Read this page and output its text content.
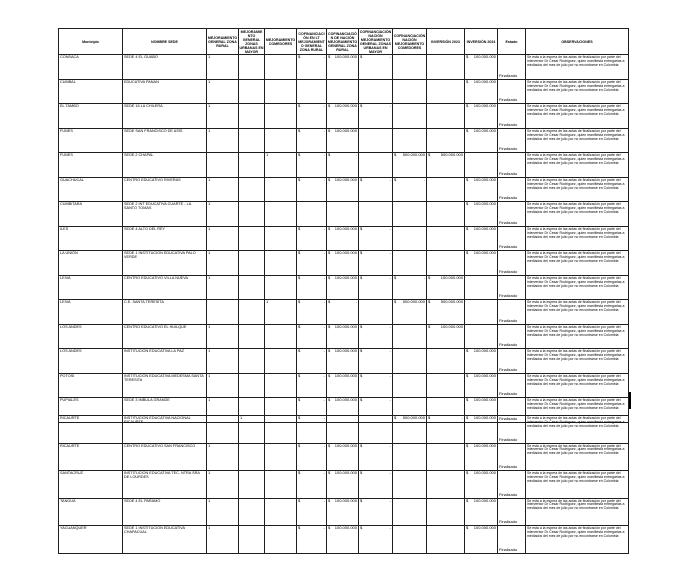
Municipio	NOMBRE SEDE	MEJORAMIENTO GENERAL ZONA RURAL	MEJORAMIENTO GENERAL ZONAS URBANAS EN MAYOR	MEJORAMIENTO COMEDORES	COFINANCIACIÓN EN LT MEJORAMIENTO GENERAL ZONA RURAL	COFINANCIACIÓN DE NACIÓN MEJORAMIENTO GENERAL ZONA RURAL	COFINANCIACIÓN NACIÓN MEJORAMIENTO GENERAL ZONAS URBANAS EN MAYOR	COFINANCIACIÓN NACIÓN MEJORAMIENTO COMEDORES	INVERSIÓN 2023	INVERSIÓN 2024	Estado	OBSERVACIONES
CONSACA	SEDE 4 EL GUABO	1			$ -	$ 100.000.000	$ -			$ 100.000.000	Finalizado	Se esta a la espera de las actas de finalización por parte del interventor Dr Cesar Rodríguez, quien manifiesta entregarlas a mediados del mes de julio por no encontrarse en Colombia
CUMBAL	EDUCATIVA PANAN	1								$ 100.000.000	Finalizado	Se esta a la espera de las actas de finalización por parte del interventor Dr Cesar Rodríguez, quien manifiesta entregarlas a mediados del mes de julio por no encontrarse en Colombia
EL TAMBO	SEDE 16 LA CHILERA	1			$ -	$ 100.000.000	$ -			$ 100.000.000	Finalizado	Se esta a la espera de las actas de finalización por parte del interventor Dr Cesar Rodríguez, quien manifiesta entregarlas a mediados del mes de julio por no encontrarse en Colombia
FUNES	SEDE SAN FRANCISCO DE ASIS	1			$ -	$ 100.000.000				$ 100.000.000	Finalizado	Se esta a la espera de las actas de finalización por parte del interventor Dr Cesar Rodríguez, quien manifiesta entregarlas a mediados del mes de julio por no encontrarse en Colombia
FUNES	SEDE 2 CHAPAL			1	$ -	$ -		$ 500.000.000	$ 500.000.000		Finalizado	Se esta a la espera de las actas de finalización por parte del interventor Dr Cesar Rodríguez, quien manifiesta entregarlas a mediados del mes de julio por no encontrarse en Colombia
GUACHUCAL	CENTRO EDUCATIVO RIVERAS	1			$ -	$ 100.000.000	$ -	$ -		$ 100.000.000	Finalizado	Se esta a la espera de las actas de finalización por parte del interventor Dr Cesar Rodríguez, quien manifiesta entregarlas a mediados del mes de julio por no encontrarse en Colombia
CUMBITARA	SEDE 2 INT EDUCATIVA CUARTE - LA SANTO TOMAS	1								$ 100.000.000	Finalizado	Se esta a la espera de las actas de finalización por parte del interventor Dr Cesar Rodríguez, quien manifiesta entregarlas a mediados del mes de julio por no encontrarse en Colombia
ILES	SEDE 4 ALTO DEL REY	1			$ -	$ 100.000.000	$ -			$ 100.000.000	Finalizado	Se esta a la espera de las actas de finalización por parte del interventor Dr Cesar Rodríguez, quien manifiesta entregarlas a mediados del mes de julio por no encontrarse en Colombia
LA UNIÓN	SEDE 1 INSTITUCION EDUCATIVA PALO VERDE	1			$ -	$ 100.000.000	$ -			$ 100.000.000	Finalizado	Se esta a la espera de las actas de finalización por parte del interventor Dr Cesar Rodríguez, quien manifiesta entregarlas a mediados del mes de julio por no encontrarse en Colombia
LEIVA	CENTRO EDUCATIVO VILLA NUEVA	1			$ -	$ 100.000.000	$ -	$ -	$ 100.000.000		Finalizado	Se esta a la espera de las actas de finalización por parte del interventor Dr Cesar Rodríguez, quien manifiesta entregarlas a mediados del mes de julio por no encontrarse en Colombia
LEIVA	C.E. SANTA TERESITA			1	$ -	$ -		$ 500.000.000	$ 500.000.000		Finalizado	Se esta a la espera de las actas de finalización por parte del interventor Dr Cesar Rodríguez, quien manifiesta entregarlas a mediados del mes de julio por no encontrarse en Colombia
LOS ANDES	CENTRO EDUCATIVO EL HUILQUE	1			$ -	$ 100.000.000	$ -		$ 100.000.000		Finalizado	Se esta a la espera de las actas de finalización por parte del interventor Dr Cesar Rodríguez, quien manifiesta entregarlas a mediados del mes de julio por no encontrarse en Colombia
LOS ANDES	INSTITUCION EDUCATIVA LA PAZ	1			$ -	$ 100.000.000	$ -			$ 100.000.000	Finalizado	Se esta a la espera de las actas de finalización por parte del interventor Dr Cesar Rodríguez, quien manifiesta entregarlas a mediados del mes de julio por no encontrarse en Colombia
POTOSI	INSTITUCION EDUCATIVA MEDESMA SANTA TERESITA	1			$ -	$ 100.000.000	$ -			$ 100.000.000	Finalizado	Se esta a la espera de las actas de finalización por parte del interventor Dr Cesar Rodríguez, quien manifiesta entregarlas a mediados del mes de julio por no encontrarse en Colombia
PUPIALES	SEDE 3 IMBULA GRANDE	1			$ -	$ 100.000.000	$ -			$ 100.000.000	Finalizado	Se esta a la espera de las actas de finalización por parte del interventor Dr Cesar Rodríguez, quien manifiesta entregarlas a mediados del mes de julio por no encontrarse en Colombia
RICAURTE	INSTITUCION EDUCATIVA NACIONAL RICAURTE		1		$ -			$ 500.000.000	$ -	$ 100.000.000	Finalizado	Se esta a la espera de las actas de finalización por parte del interventor Dr Cesar Rodríguez, quien manifiesta entregarlas a mediados del mes de julio por no encontrarse en Colombia
RICAURTE	CENTRO EDUCATIVO SAN FRANCISCO	1			$ -	$ 100.000.000	$ -			$ 100.000.000	Finalizado	Se esta a la espera de las actas de finalización por parte del interventor Dr Cesar Rodríguez, quien manifiesta entregarlas a mediados del mes de julio por no encontrarse en Colombia
SANTACRUZ	INSTITUCION EDUCATIVA TEC. NTRA SRA DE LOURDES	1			$ -	$ 100.000.000	$ -			$ 100.000.000	Finalizado	Se esta a la espera de las actas de finalización por parte del interventor Dr Cesar Rodríguez, quien manifiesta entregarlas a mediados del mes de julio por no encontrarse en Colombia
TANGUA	SEDE 4 EL PARAMO	1			$ -	$ 100.000.000	$ -			$ 100.000.000	Finalizado	Se esta a la espera de las actas de finalización por parte del interventor Dr Cesar Rodríguez, quien manifiesta entregarlas a mediados del mes de julio por no encontrarse en Colombia
YACUANQUER	SEDE 1 INSTITUCION EDUCATIVA CHAPACUAL	1			$ -	$ 100.000.000	$ -			$ 100.000.000	Finalizado	Se esta a la espera de las actas de finalización por parte del interventor Dr Cesar Rodríguez, quien manifiesta entregarlas a mediados del mes de julio por no encontrarse en Colombia
